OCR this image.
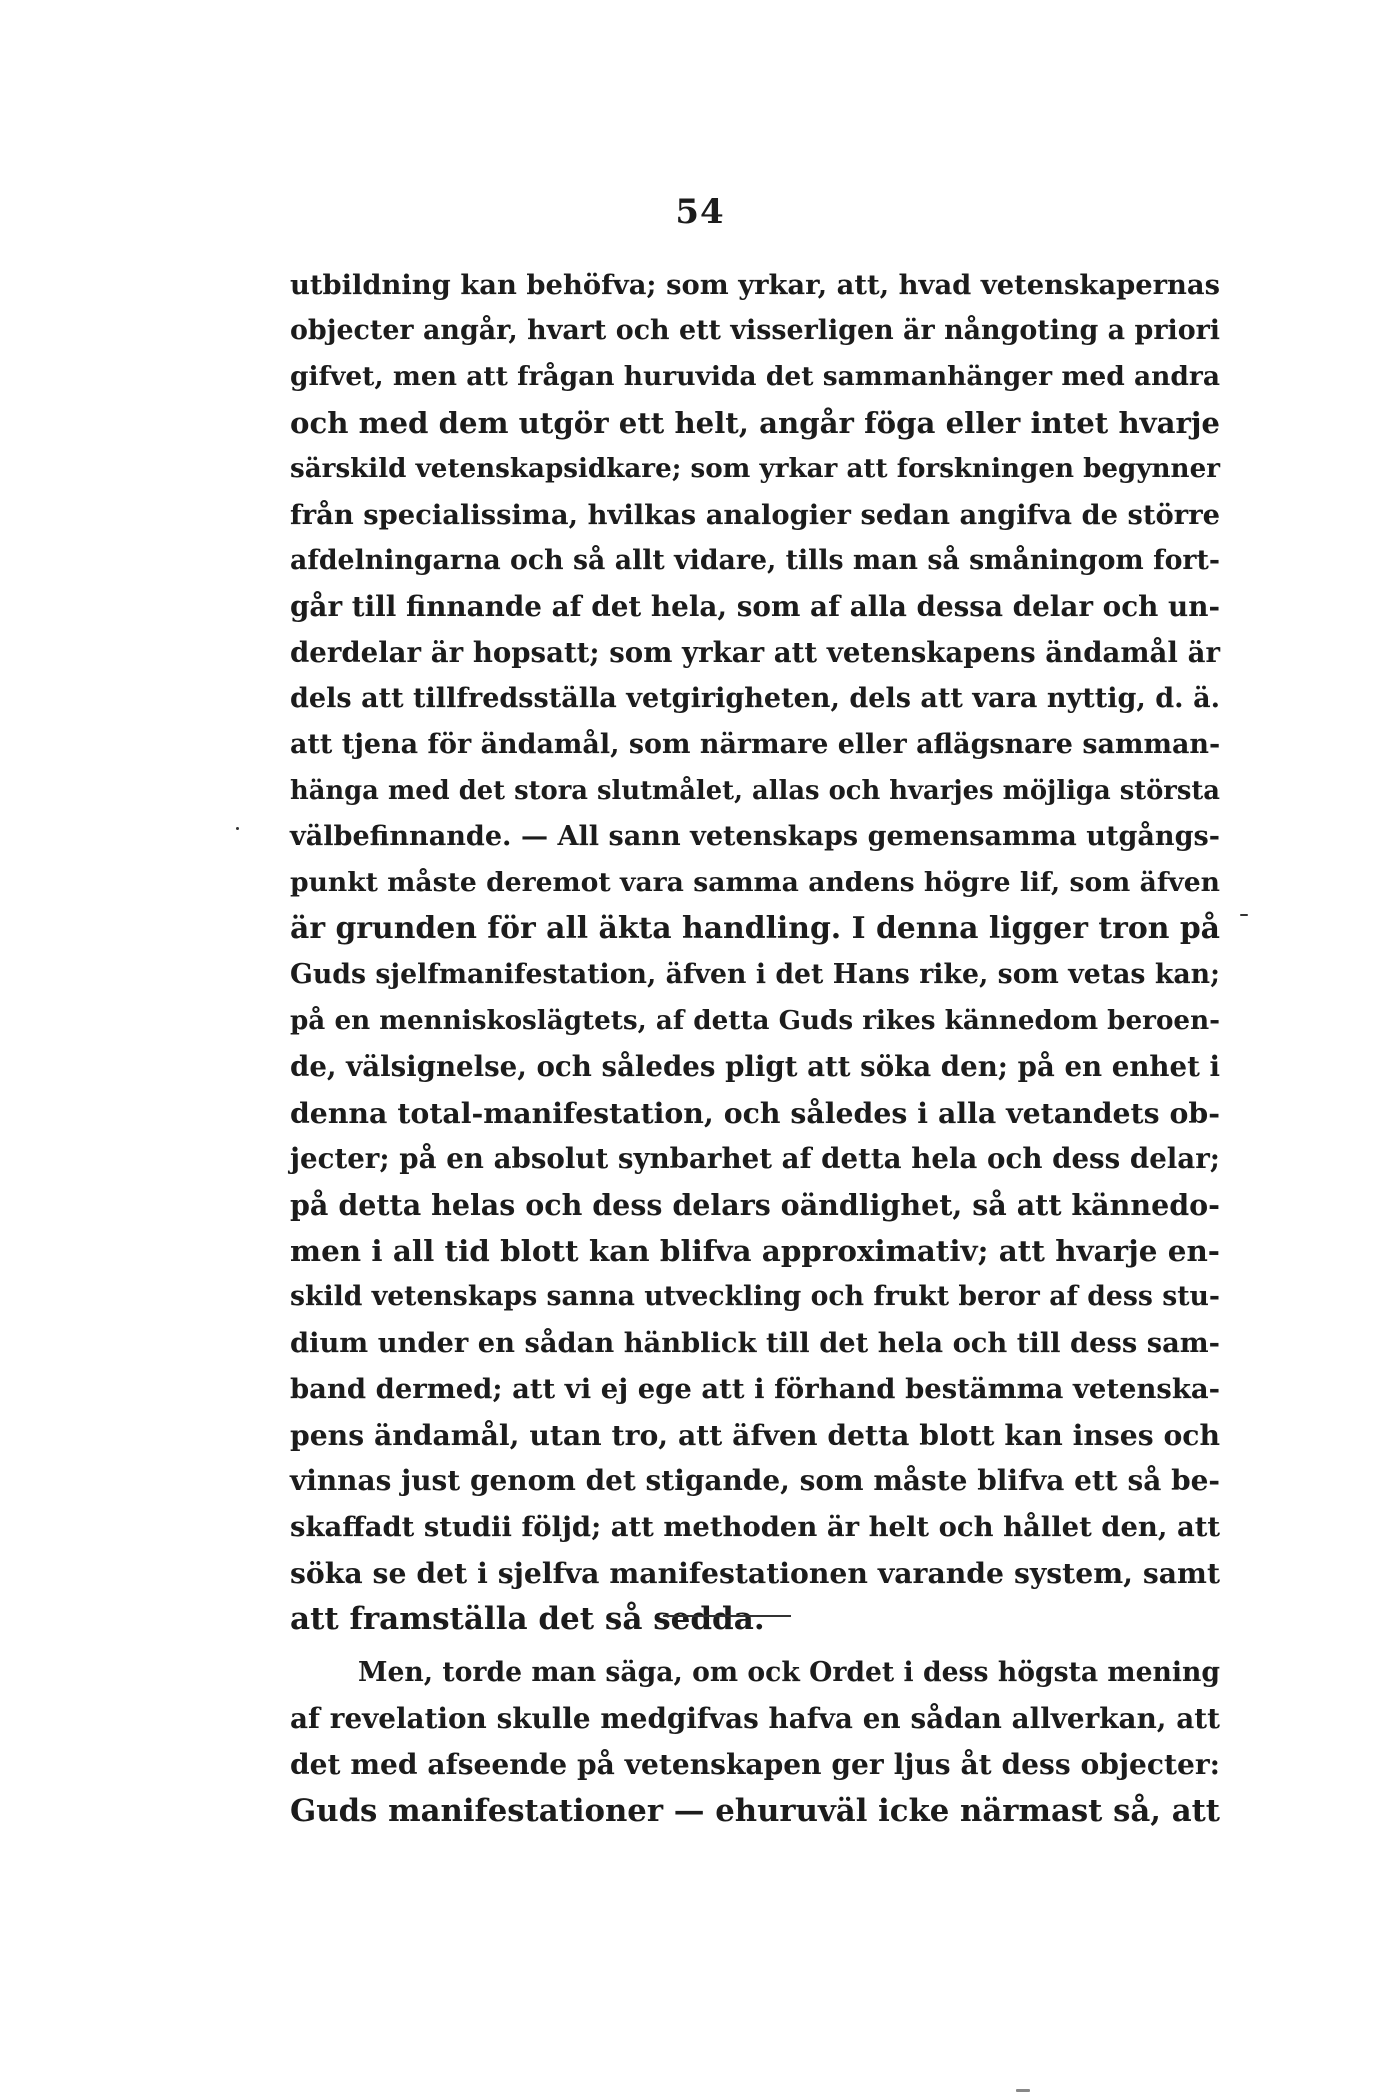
54
utbildning kan behöfva; som yrkar, att, hvad vetenskapernas
objecter angår, hvart och ett visserligen är nångoting a priori
gifvet, men att frågan huruvida det sammanhänger med andra
och med dem utgör ett helt, angår föga eller intet hvarje
särskild vetenskapsidkare; som yrkar att forskningen begynner
från specialissima, hvilkas analogier sedan angifva de större
afdelningarna och så allt vidare, tills man så småningom fort-
går till finnande af det hela, som af alla dessa delar och un-
derdelar är hopsatt; som yrkar att vetenskapens ändamål är
dels att tillfredsställa vetgirigheten, dels att vara nyttig, d. ä.
att tjena för ändamål, som närmare eller aflägsnare samman-
hänga med det stora slutmålet, allas och hvarjes möjliga största
välbefinnande. — All sann vetenskaps gemensamma utgångs-
punkt måste deremot vara samma andens högre lif, som äfven
är grunden för all äkta handling. I denna ligger tron på
Guds sjelfmanifestation, äfven i det Hans rike, som vetas kan;
på en menniskoslägtets, af detta Guds rikes kännedom beroen-
de, välsignelse, och således pligt att söka den; på en enhet i
denna total-manifestation, och således i alla vetandets ob-
jecter; på en absolut synbarhet af detta hela och dess delar;
på detta helas och dess delars oändlighet, så att kännedo-
men i all tid blott kan blifva approximativ; att hvarje en-
skild vetenskaps sanna utveckling och frukt beror af dess stu-
dium under en sådan hänblick till det hela och till dess sam-
band dermed; att vi ej ege att i förhand bestämma vetenska-
pens ändamål, utan tro, att äfven detta blott kan inses och
vinnas just genom det stigande, som måste blifva ett så be-
skaffadt studii följd; att methoden är helt och hållet den, att
söka se det i sjelfva manifestationen varande system, samt
att framställa det så sedda.
Men, torde man säga, om ock Ordet i dess högsta mening
af revelation skulle medgifvas hafva en sådan allverkan, att
det med afseende på vetenskapen ger ljus åt dess objecter:
Guds manifestationer — ehuruväl icke närmast så, att
